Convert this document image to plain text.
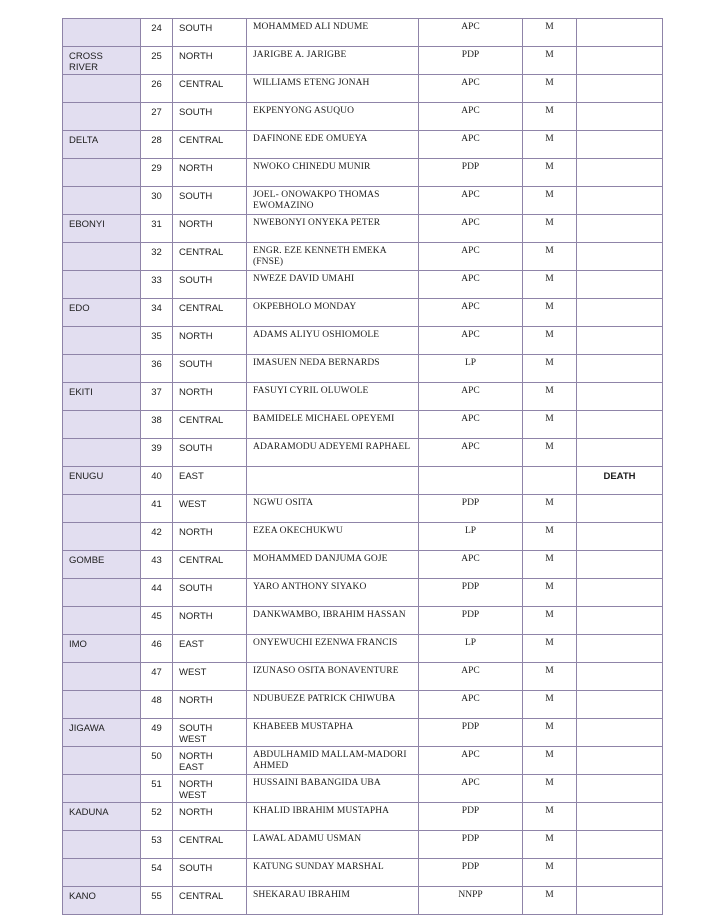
	24	SOUTH	MOHAMMED ALI NDUME	APC	M	
CROSS RIVER	25	NORTH	JARIGBE A. JARIGBE	PDP	M	
	26	CENTRAL	WILLIAMS ETENG JONAH	APC	M	
	27	SOUTH	EKPENYONG ASUQUO	APC	M	
DELTA	28	CENTRAL	DAFINONE EDE OMUEYA	APC	M	
	29	NORTH	NWOKO CHINEDU MUNIR	PDP	M	
	30	SOUTH	JOEL- ONOWAKPO THOMAS EWOMAZINO	APC	M	
EBONYI	31	NORTH	NWEBONYI ONYEKA PETER	APC	M	
	32	CENTRAL	ENGR. EZE KENNETH EMEKA (FNSE)	APC	M	
	33	SOUTH	NWEZE DAVID UMAHI	APC	M	
EDO	34	CENTRAL	OKPEBHOLO MONDAY	APC	M	
	35	NORTH	ADAMS ALIYU OSHIOMOLE	APC	M	
	36	SOUTH	IMASUEN NEDA BERNARDS	LP	M	
EKITI	37	NORTH	FASUYI CYRIL OLUWOLE	APC	M	
	38	CENTRAL	BAMIDELE MICHAEL OPEYEMI	APC	M	
	39	SOUTH	ADARAMODU ADEYEMI RAPHAEL	APC	M	
ENUGU	40	EAST				DEATH
	41	WEST	NGWU OSITA	PDP	M	
	42	NORTH	EZEA OKECHUKWU	LP	M	
GOMBE	43	CENTRAL	MOHAMMED DANJUMA GOJE	APC	M	
	44	SOUTH	YARO ANTHONY SIYAKO	PDP	M	
	45	NORTH	DANKWAMBO, IBRAHIM HASSAN	PDP	M	
IMO	46	EAST	ONYEWUCHI EZENWA FRANCIS	LP	M	
	47	WEST	IZUNASO OSITA BONAVENTURE	APC	M	
	48	NORTH	NDUBUEZE PATRICK CHIWUBA	APC	M	
JIGAWA	49	SOUTH WEST	KHABEEB MUSTAPHA	PDP	M	
	50	NORTH EAST	ABDULHAMID MALLAM-MADORI AHMED	APC	M	
	51	NORTH WEST	HUSSAINI BABANGIDA UBA	APC	M	
KADUNA	52	NORTH	KHALID IBRAHIM MUSTAPHA	PDP	M	
	53	CENTRAL	LAWAL ADAMU USMAN	PDP	M	
	54	SOUTH	KATUNG SUNDAY MARSHAL	PDP	M	
KANO	55	CENTRAL	SHEKARAU IBRAHIM	NNPP	M	
